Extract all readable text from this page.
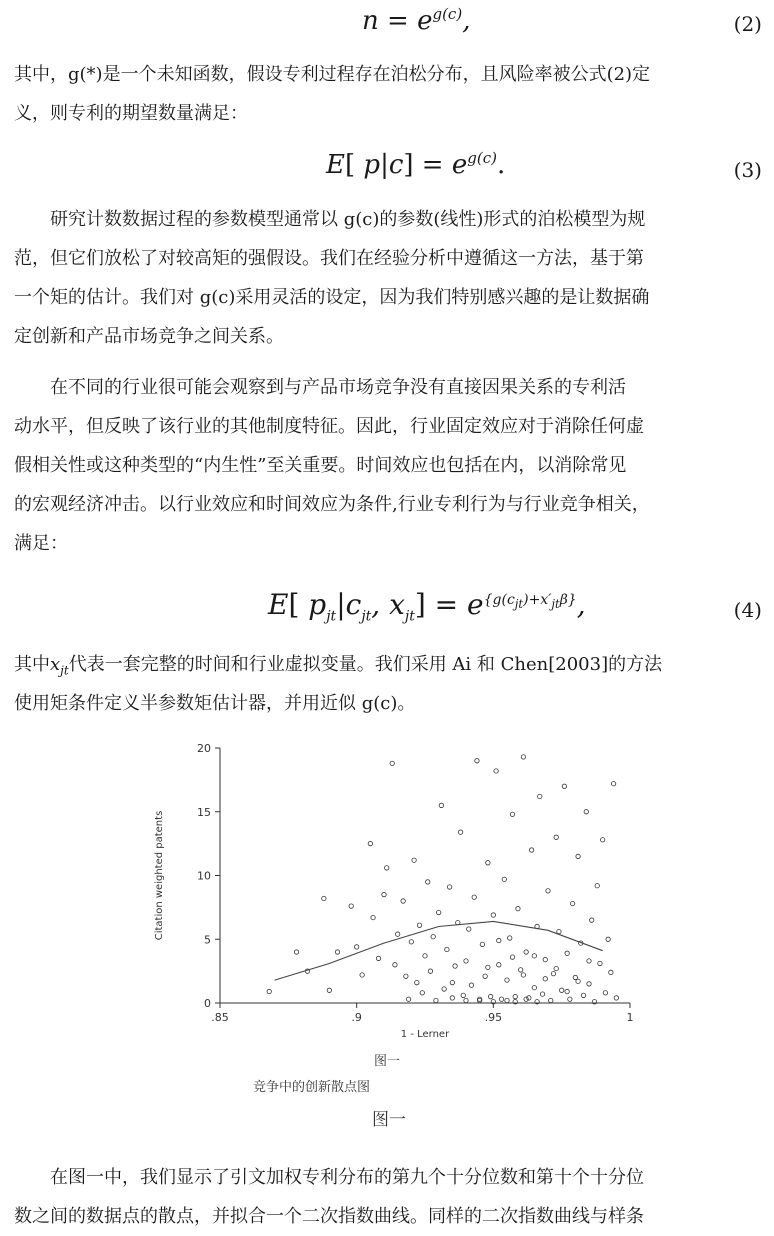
$n = e^{g(c)}$,	(2)
其中，g(*)是一个未知函数，假设专利过程存在泊松分布，且风险率被公式(2)定
义，则专利的期望数量满足：
E[ $p|c] = e^{g(c)}$.	(3)
研究计数数据过程的参数模型通常以 g(c)的参数(线性)形式的泊松模型为规
范，但它们放松了对较高矩的强假设。我们在经验分析中遵循这一方法，基于第
一个矩的估计。我们对 g(c)采用灵活的设定，因为我们特别感兴趣的是让数据确
定创新和产品市场竞争之间关系。
在不同的行业很可能会观察到与产品市场竞争没有直接因果关系的专利活
动水平，但反映了该行业的其他制度特征。因此，行业固定效应对于消除任何虚
假相关性或这种类型的“内生性”至关重要。时间效应也包括在内，以消除常见
的宏观经济冲击。以行业效应和时间效应为条件,行业专利行为与行业竞争相关，
满足：
E[ $p_{jt}|c_{jt}$, $x_{jt}] = e^{\{g(c_{jt})+x'_{jt}\beta\}}$,	(4)
其中$x_{jt}$代表一套完整的时间和行业虚拟变量。我们采用 Ai 和 Chen[2003]的方法
使用矩条件定义半参数矩估计器，并用近似 g(c)。
0
5
10
15
20
.85	.9	.95	1
1 - Lerner
Citation weighted patents
图一
竞争中的创新散点图
图一
在图一中，我们显示了引文加权专利分布的第九个十分位数和第十个十分位
数之间的数据点的散点，并拟合一个二次指数曲线。同样的二次指数曲线与样条
